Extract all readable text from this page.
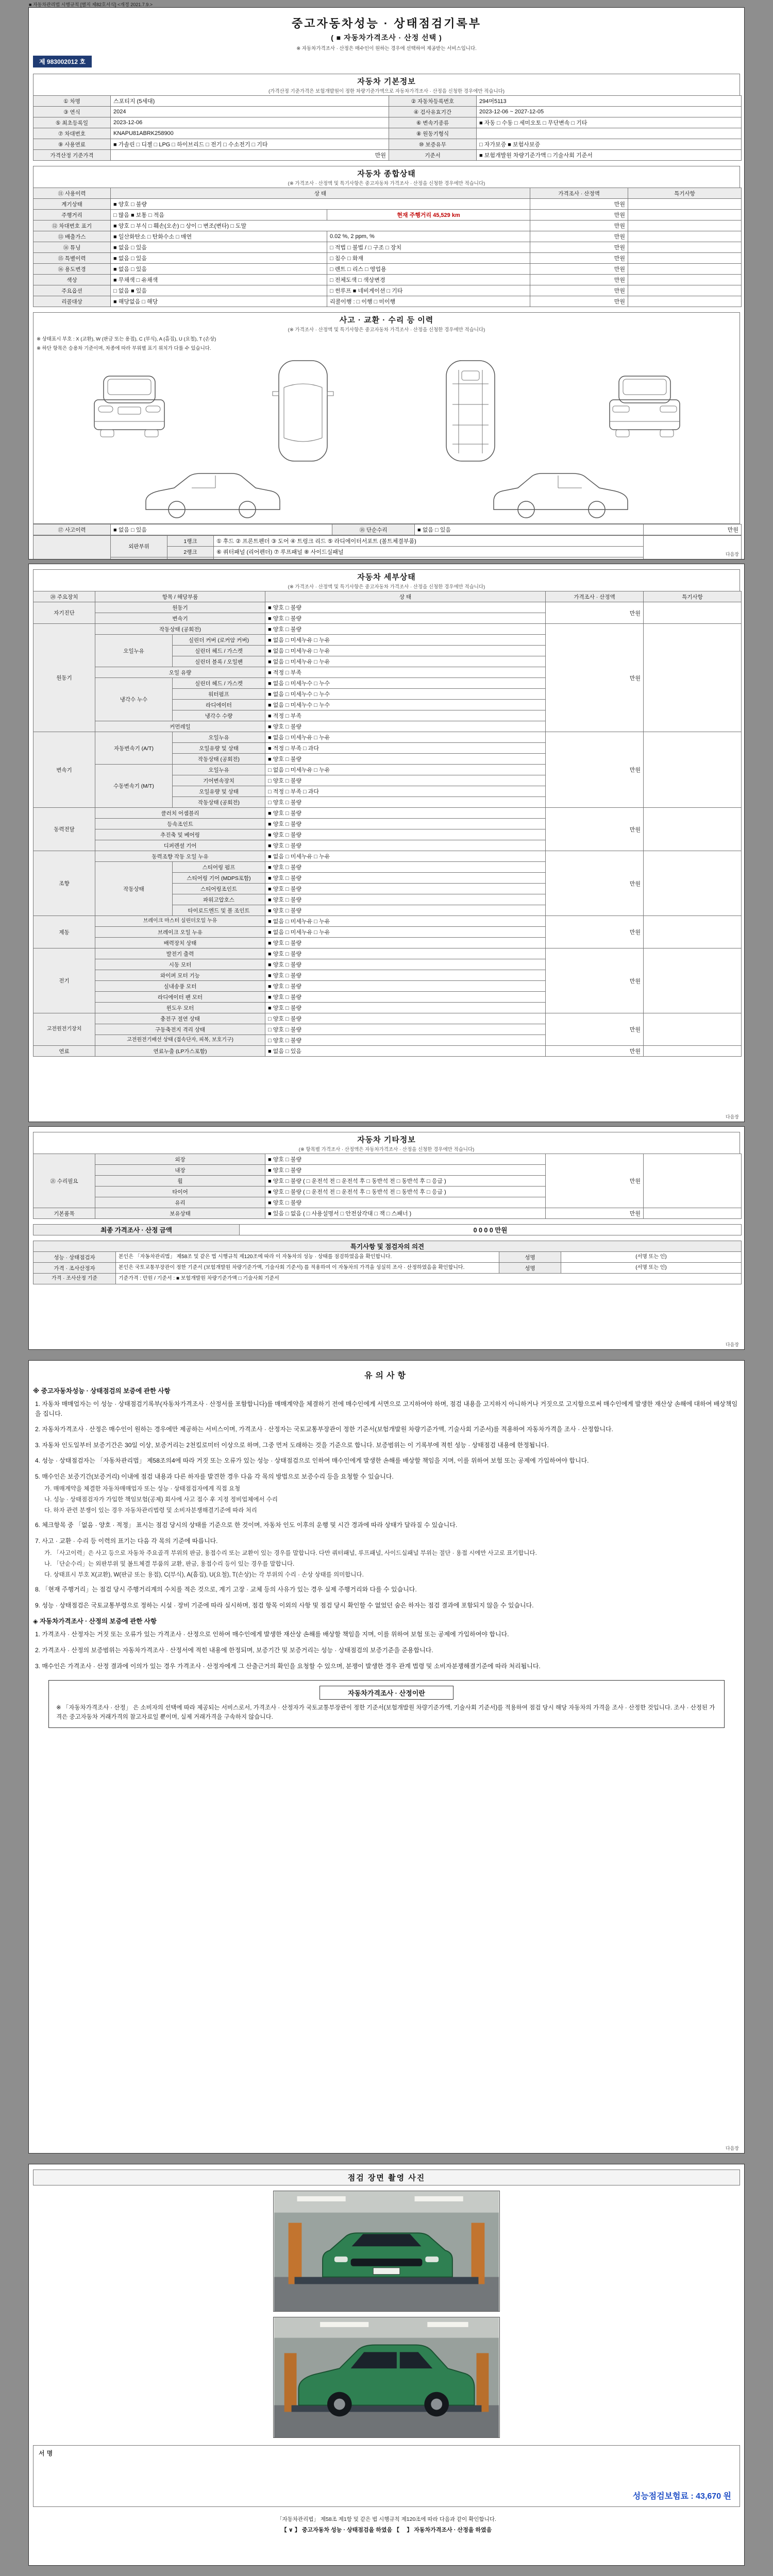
■ 자동차관리법 시행규칙 [별지 제82호서식] <개정 2021.7.9.>
중고자동차성능 · 상태점검기록부
( ■ 자동차가격조사 · 산정 선택 )
※ 자동차가격조사 · 산정은 매수인이 원하는 경우에 선택하여 제공받는 서비스입니다.
제 983002012 호
자동차 기본정보
(가격산정 기준가격은 보험개발원이 정한 차량기준가액으로 자동차가격조사 · 산정을 신청한 경우에만 적습니다)
① 차명	스포티지 (5세대)	② 자동차등록번호	294머5113
③ 연식	2024	④ 검사유효기간	2023-12-06 ~ 2027-12-05
⑤ 최초등록일	2023-12-06	⑥ 변속기종류	■ 자동 □ 수동 □ 세미오토 □ 무단변속 □ 기타
⑦ 차대번호	KNAPU81ABRK258900	⑧ 원동기형식	
⑨ 사용연료	■ 가솔린 □ 디젤 □ LPG □ 하이브리드 □ 전기 □ 수소전기 □ 기타	⑩ 보증유무	□ 자가보증 ■ 보험사보증
가격산정 기준가격	만원	기준서	■ 보험개발원 차량기준가액 □ 기술사회 기준서
자동차 종합상태
(※ 가격조사 · 산정액 및 특기사항은 중고자동차 가격조사 · 산정을 신청한 경우에만 적습니다)
⑪ 사용이력	상 태		가격조사 · 산정액	특기사항
계기상태	■ 양호 □ 불량		만원	
주행거리	□ 많음 ■ 보통 □ 적음	현재 주행거리 45,529 km	만원	
⑫ 차대번호 표기	■ 양호 □ 부식 □ 훼손(오손) □ 상이 □ 변조(변타) □ 도말		만원	
⑬ 배출가스	■ 일산화탄소 □ 탄화수소 □ 매연	0.02 %, 2 ppm, %	만원	
⑭ 튜닝	■ 없음 □ 있음	□ 적법 □ 불법 / □ 구조 □ 장치	만원	
⑮ 특별이력	■ 없음 □ 있음	□ 침수 □ 화재	만원	
⑯ 용도변경	■ 없음 □ 있음	□ 렌트 □ 리스 □ 영업용	만원	
색상	■ 무채색 □ 유채색	□ 전체도색 □ 색상변경	만원	
주요옵션	□ 없음 ■ 있음	□ 썬루프 ■ 네비게이션 □ 기타	만원	
리콜대상	■ 해당없음 □ 해당	리콜이행 : □ 이행 □ 미이행	만원	
사고 · 교환 · 수리 등 이력
(※ 가격조사 · 산정액 및 특기사항은 중고자동차 가격조사 · 산정을 신청한 경우에만 적습니다)
※ 상태표시 부호 : X (교환), W (판금 또는 용접), C (부식), A (흠집), U (요철), T (손상)
※ 하단 항목은 승용차 기준이며, 차종에 따라 부위별 표기 위치가 다를 수 있습니다.
⑰ 사고이력	■ 없음 □ 있음	⑱ 단순수리	■ 없음 □ 있음	만원
	외판부위	1랭크	① 후드 ② 프론트펜더 ③ 도어 ④ 트렁크 리드 ⑤ 라디에이터서포트 (볼트체결부품)	
		2랭크	⑥ 쿼터패널 (리어펜더) ⑦ 루프패널 ⑧ 사이드실패널	

		다음장
자동차 세부상태
(※ 가격조사 · 산정액 및 특기사항은 중고자동차 가격조사 · 산정을 신청한 경우에만 적습니다)
⑳ 주요장치	항목 / 해당부품		상 태	가격조사 · 산정액	특기사항
자기진단	원동기		■ 양호 □ 불량	만원	
	변속기		■ 양호 □ 불량		
원동기	작동상태 (공회전)		■ 양호 □ 불량	만원	
	오일누유	실린더 커버 (로커암 커버)	■ 없음 □ 미세누유 □ 누유		
		실린더 헤드 / 가스켓	■ 없음 □ 미세누유 □ 누유		
		실린더 블록 / 오일팬	■ 없음 □ 미세누유 □ 누유		
	오일 유량		■ 적정 □ 부족		
	냉각수 누수	실린더 헤드 / 가스켓	■ 없음 □ 미세누수 □ 누수		
		워터펌프	■ 없음 □ 미세누수 □ 누수		
		라디에이터	■ 없음 □ 미세누수 □ 누수		
		냉각수 수량	■ 적정 □ 부족		
	커먼레일		■ 양호 □ 불량		
변속기	자동변속기 (A/T)	오일누유	■ 없음 □ 미세누유 □ 누유	만원	
		오일유량 및 상태	■ 적정 □ 부족 □ 과다		
		작동상태 (공회전)	■ 양호 □ 불량		
	수동변속기 (M/T)	오일누유	□ 없음 □ 미세누유 □ 누유		
		기어변속장치	□ 양호 □ 불량		
		오일유량 및 상태	□ 적정 □ 부족 □ 과다		
		작동상태 (공회전)	□ 양호 □ 불량		
동력전달	클러치 어셈블리		■ 양호 □ 불량	만원	
	등속조인트		■ 양호 □ 불량		
	추진축 및 베어링		■ 양호 □ 불량		
	디퍼렌셜 기어		■ 양호 □ 불량		
조향	동력조향 작동 오일 누유		■ 없음 □ 미세누유 □ 누유	만원	
	작동상태	스티어링 펌프	■ 양호 □ 불량		
		스티어링 기어 (MDPS포함)	■ 양호 □ 불량		
		스티어링조인트	■ 양호 □ 불량		
		파워고압호스	■ 양호 □ 불량		
		타이로드엔드 및 볼 조인트	■ 양호 □ 불량		
제동	브레이크 마스터 실린더오일 누유		■ 없음 □ 미세누유 □ 누유	만원	
	브레이크 오일 누유		■ 없음 □ 미세누유 □ 누유		
	배력장치 상태		■ 양호 □ 불량		
전기	발전기 출력		■ 양호 □ 불량	만원	
	시동 모터		■ 양호 □ 불량		
	와이퍼 모터 기능		■ 양호 □ 불량		
	실내송풍 모터		■ 양호 □ 불량		
	라디에이터 팬 모터		■ 양호 □ 불량		
	윈도우 모터		■ 양호 □ 불량		
고전원전기장치	충전구 절연 상태		□ 양호 □ 불량	만원	
	구동축전지 격리 상태		□ 양호 □ 불량		
	고전원전기배선 상태 (접속단자, 피복, 보호기구)		□ 양호 □ 불량		
연료	연료누출 (LP가스포함)		■ 없음 □ 있음	만원	
다음장
자동차 기타정보
(※ 항목별 가격조사 · 산정액은 자동차가격조사 · 산정을 신청한 경우에만 적습니다)
㉑ 수리필요	외장	■ 양호 □ 불량	만원	
	내장	■ 양호 □ 불량		
	휠	■ 양호 □ 불량 ( □ 운전석 전 □ 운전석 후 □ 동반석 전 □ 동반석 후 □ 응급 )		
	타이어	■ 양호 □ 불량 ( □ 운전석 전 □ 운전석 후 □ 동반석 전 □ 동반석 후 □ 응급 )		
	유리	■ 양호 □ 불량		
기본품목	보유상태	■ 있음 □ 없음 ( □ 사용설명서 □ 안전삼각대 □ 잭 □ 스패너 )	만원	
최종 가격조사 · 산정 금액	0 0 0 0 만원
특기사항 및 점검자의 의견			
성능 · 상태점검자	본인은 「자동차관리법」 제58조 및 같은 법 시행규칙 제120조에 따라 이 자동차의 성능 · 상태를 점검하였음을 확인합니다.	성명	(서명 또는 인)
가격 · 조사산정자	본인은 국토교통부장관이 정한 기준서 (보험개발원 차량기준가액, 기술사회 기준서) 를 적용하여 이 자동차의 가격을 성실히 조사 · 산정하였음을 확인합니다.	성명	(서명 또는 인)
가격 · 조사산정 기준	기준가격 : 만원 / 기준서 : ■ 보험개발원 차량기준가액 □ 기술사회 기준서		
다음장
유의사항
※ 중고자동차성능 · 상태점검의 보증에 관한 사항
1. 자동차 매매업자는 이 성능 · 상태점검기록부(자동차가격조사 · 산정서를 포함합니다)를 매매계약을 체결하기 전에 매수인에게 서면으로 고지하여야 하며, 점검 내용을 고지하지 아니하거나 거짓으로 고지함으로써 매수인에게 발생한 재산상 손해에 대하여 배상책임을 집니다.
2. 자동차가격조사 · 산정은 매수인이 원하는 경우에만 제공하는 서비스이며, 가격조사 · 산정자는 국토교통부장관이 정한 기준서(보험개발원 차량기준가액, 기술사회 기준서)를 적용하여 자동차가격을 조사 · 산정합니다.
3. 자동차 인도일부터 보증기간은 30일 이상, 보증거리는 2천킬로미터 이상으로 하며, 그중 먼저 도래하는 것을 기준으로 합니다. 보증범위는 이 기록부에 적힌 성능 · 상태점검 내용에 한정됩니다.
4. 성능 · 상태점검자는 「자동차관리법」 제58조의4에 따라 거짓 또는 오류가 있는 성능 · 상태점검으로 인하여 매수인에게 발생한 손해를 배상할 책임을 지며, 이를 위하여 보험 또는 공제에 가입하여야 합니다.
5. 매수인은 보증기간(보증거리) 이내에 점검 내용과 다른 하자를 발견한 경우 다음 각 목의 방법으로 보증수리 등을 요청할 수 있습니다.
가. 매매계약을 체결한 자동차매매업자 또는 성능 · 상태점검자에게 직접 요청
나. 성능 · 상태점검자가 가입한 책임보험(공제) 회사에 사고 접수 후 지정 정비업체에서 수리
다. 하자 관련 분쟁이 있는 경우 자동차관리법령 및 소비자분쟁해결기준에 따라 처리
6. 체크항목 중 「없음 · 양호 · 적정」 표시는 점검 당시의 상태를 기준으로 한 것이며, 자동차 인도 이후의 운행 및 시간 경과에 따라 상태가 달라질 수 있습니다.
7. 사고 · 교환 · 수리 등 이력의 표기는 다음 각 목의 기준에 따릅니다.
가. 「사고이력」은 사고 등으로 자동차 주요골격 부위의 판금, 용접수리 또는 교환이 있는 경우를 말합니다. 다만 쿼터패널, 루프패널, 사이드실패널 부위는 절단 · 용접 시에만 사고로 표기합니다.
나. 「단순수리」는 외판부위 및 볼트체결 부품의 교환, 판금, 용접수리 등이 있는 경우를 말합니다.
다. 상태표시 부호 X(교환), W(판금 또는 용접), C(부식), A(흠집), U(요철), T(손상)는 각 부위의 수리 · 손상 상태를 의미합니다.
8. 「현재 주행거리」는 점검 당시 주행거리계의 수치를 적은 것으로, 계기 고장 · 교체 등의 사유가 있는 경우 실제 주행거리와 다를 수 있습니다.
9. 성능 · 상태점검은 국토교통부령으로 정하는 시설 · 장비 기준에 따라 실시하며, 점검 항목 이외의 사항 및 점검 당시 확인할 수 없었던 숨은 하자는 점검 결과에 포함되지 않을 수 있습니다.
◈ 자동차가격조사 · 산정의 보증에 관한 사항
1. 가격조사 · 산정자는 거짓 또는 오류가 있는 가격조사 · 산정으로 인하여 매수인에게 발생한 재산상 손해를 배상할 책임을 지며, 이를 위하여 보험 또는 공제에 가입하여야 합니다.
2. 가격조사 · 산정의 보증범위는 자동차가격조사 · 산정서에 적힌 내용에 한정되며, 보증기간 및 보증거리는 성능 · 상태점검의 보증기준을 준용합니다.
3. 매수인은 가격조사 · 산정 결과에 이의가 있는 경우 가격조사 · 산정자에게 그 산출근거의 확인을 요청할 수 있으며, 분쟁이 발생한 경우 관계 법령 및 소비자분쟁해결기준에 따라 처리됩니다.
자동차가격조사 · 산정이란
※ 「자동차가격조사 · 산정」 은 소비자의 선택에 따라 제공되는 서비스로서, 가격조사 · 산정자가 국토교통부장관이 정한 기준서(보험개발원 차량기준가액, 기술사회 기준서)를 적용하여 점검 당시 해당 자동차의 가격을 조사 · 산정한 것입니다. 조사 · 산정된 가격은 중고자동차 거래가격의 참고자료일 뿐이며, 실제 거래가격을 구속하지 않습니다.
다음장
점검 장면 촬영 사진
서명
성능점검보험료 : 43,670 원
「자동차관리법」 제58조 제1항 및 같은 법 시행규칙 제120조에 따라 다음과 같이 확인합니다.
【 ∨ 】 중고자동차 성능 · 상태점검을 하였음 【　 】 자동차가격조사 · 산정을 하였음
